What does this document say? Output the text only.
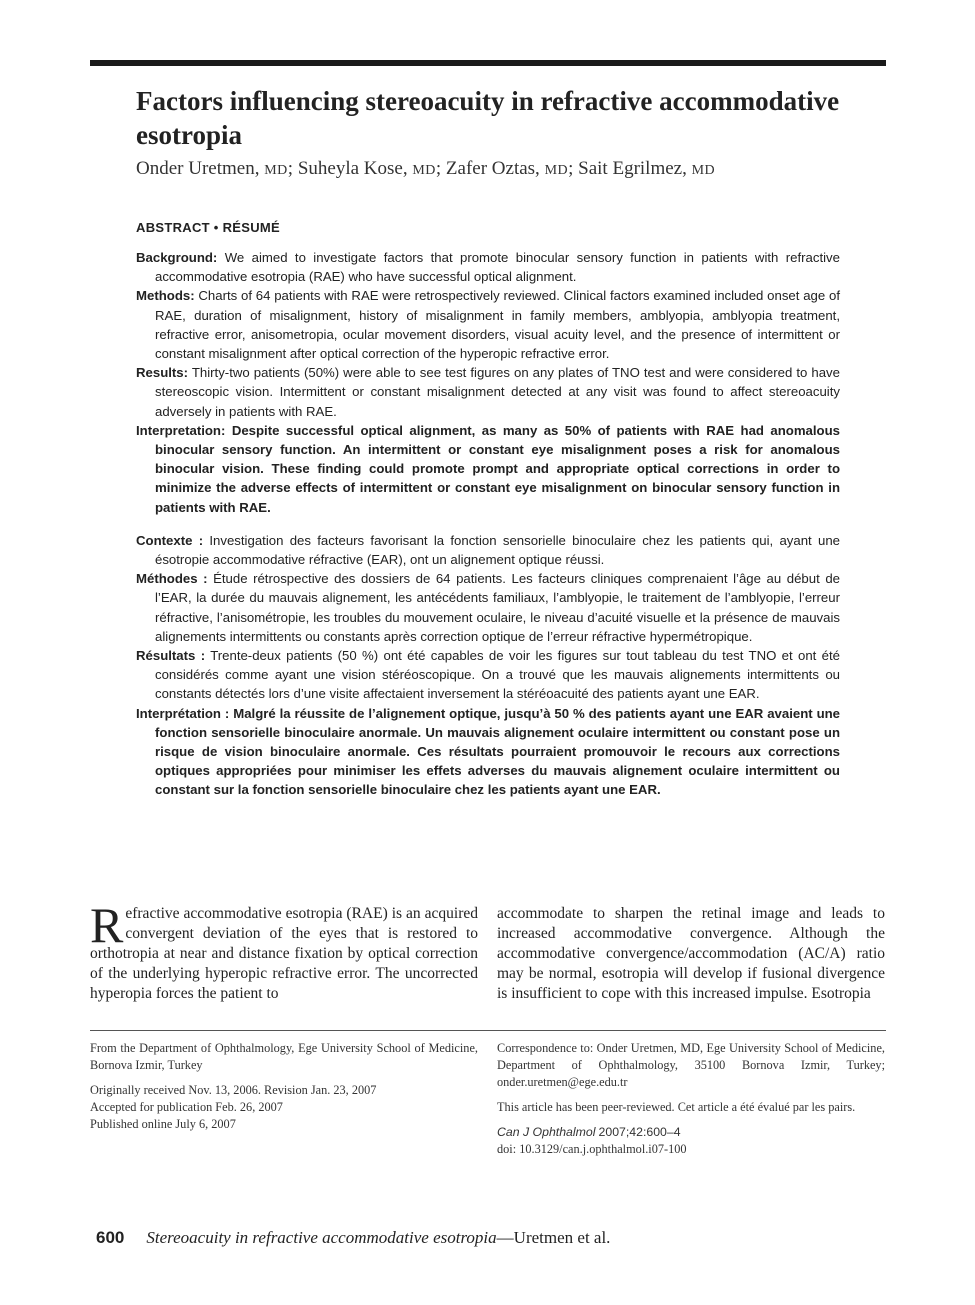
Factors influencing stereoacuity in refractive accommodative esotropia
Onder Uretmen, MD; Suheyla Kose, MD; Zafer Oztas, MD; Sait Egrilmez, MD
ABSTRACT • RÉSUMÉ

Background: We aimed to investigate factors that promote binocular sensory function in patients with refractive accommodative esotropia (RAE) who have successful optical alignment.

Methods: Charts of 64 patients with RAE were retrospectively reviewed. Clinical factors examined included onset age of RAE, duration of misalignment, history of misalignment in family members, amblyopia, amblyopia treatment, refractive error, anisometropia, ocular movement disorders, visual acuity level, and the presence of intermittent or constant misalignment after optical correction of the hyperopic refractive error.

Results: Thirty-two patients (50%) were able to see test figures on any plates of TNO test and were considered to have stereoscopic vision. Intermittent or constant misalignment detected at any visit was found to affect stereoacuity adversely in patients with RAE.

Interpretation: Despite successful optical alignment, as many as 50% of patients with RAE had anomalous binocular sensory function. An intermittent or constant eye misalignment poses a risk for anomalous binocular vision. These finding could promote prompt and appropriate optical corrections in order to minimize the adverse effects of intermittent or constant eye misalignment on binocular sensory function in patients with RAE.

Contexte : Investigation des facteurs favorisant la fonction sensorielle binoculaire chez les patients qui, ayant une ésotropie accommodative réfractive (EAR), ont un alignement optique réussi.

Méthodes : Étude rétrospective des dossiers de 64 patients. Les facteurs cliniques comprenaient l’âge au début de l’EAR, la durée du mauvais alignement, les antécédents familiaux, l’amblyopie, le traitement de l’amblyopie, l’erreur réfractive, l’anisométropie, les troubles du mouvement oculaire, le niveau d’acuité visuelle et la présence de mauvais alignements intermittents ou constants après correction optique de l’erreur réfractive hypermétropique.

Résultats : Trente-deux patients (50 %) ont été capables de voir les figures sur tout tableau du test TNO et ont été considérés comme ayant une vision stéréoscopique. On a trouvé que les mauvais alignements intermittents ou constants détectés lors d’une visite affectaient inversement la stéréoacuité des patients ayant une EAR.

Interprétation : Malgré la réussite de l’alignement optique, jusqu’à 50 % des patients ayant une EAR avaient une fonction sensorielle binoculaire anormale. Un mauvais alignement oculaire intermittent ou constant pose un risque de vision binoculaire anormale. Ces résultats pourraient promouvoir le recours aux corrections optiques appropriées pour minimiser les effets adverses du mauvais alignement oculaire intermittent ou constant sur la fonction sensorielle binoculaire chez les patients ayant une EAR.

Refractive accommodative esotropia (RAE) is an acquired convergent deviation of the eyes that is restored to orthotropia at near and distance fixation by optical correction of the underlying hyperopic refractive error. The uncorrected hyperopia forces the patient to

accommodate to sharpen the retinal image and leads to increased accommodative convergence. Although the accommodative convergence/accommodation (AC/A) ratio may be normal, esotropia will develop if fusional divergence is insufficient to cope with this increased impulse. Esotropia

From the Department of Ophthalmology, Ege University School of Medicine, Bornova Izmir, Turkey

Originally received Nov. 13, 2006. Revision Jan. 23, 2007

Accepted for publication Feb. 26, 2007

Published online July 6, 2007

Correspondence to: Onder Uretmen, MD, Ege University School of Medicine, Department of Ophthalmology, 35100 Bornova Izmir, Turkey; onder.uretmen@ege.edu.tr

This article has been peer-reviewed. Cet article a été évalué par les pairs.

Can J Ophthalmol 2007;42:600–4

doi: 10.3129/can.j.ophthalmol.i07-100

600 Stereoacuity in refractive accommodative esotropia—Uretmen et al.
